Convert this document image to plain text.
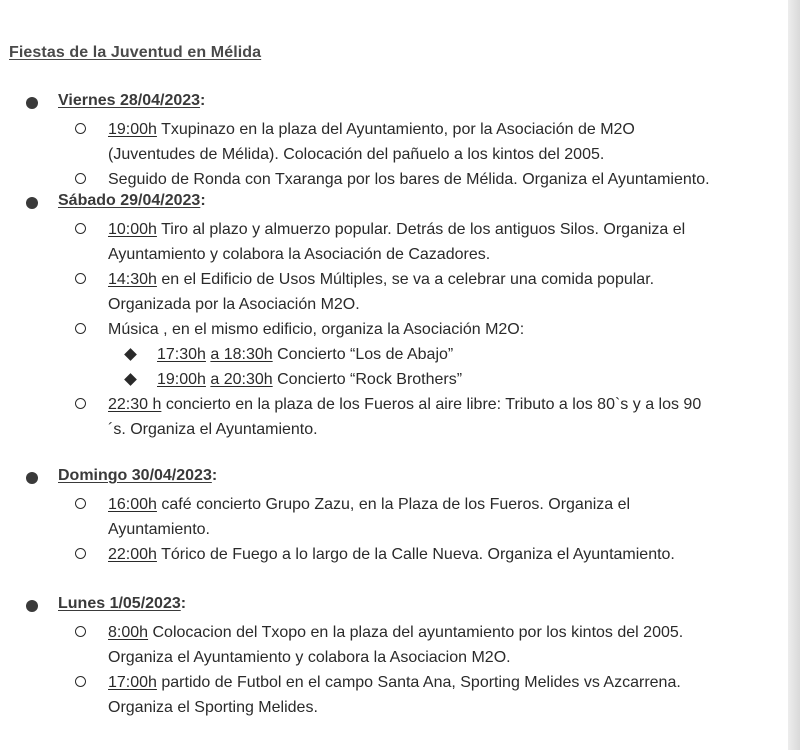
Fiestas de la Juventud en Mélida
Viernes 28/04/2023:
19:00h Txupinazo en la plaza del Ayuntamiento, por la Asociación de M2O
(Juventudes de Mélida). Colocación del pañuelo a los kintos del 2005.
Seguido de Ronda con Txaranga por los bares de Mélida. Organiza el Ayuntamiento.
Sábado 29/04/2023:
10:00h Tiro al plazo y almuerzo popular. Detrás de los antiguos Silos. Organiza el
Ayuntamiento y colabora la Asociación de Cazadores.
14:30h en el Edificio de Usos Múltiples, se va a celebrar una comida popular.
Organizada por la Asociación M2O.
Música , en el mismo edificio, organiza la Asociación M2O:
17:30h a 18:30h Concierto “Los de Abajo”
19:00h a 20:30h Concierto “Rock Brothers”
22:30 h concierto en la plaza de los Fueros al aire libre: Tributo a los 80`s y a los 90
´s. Organiza el Ayuntamiento.
Domingo 30/04/2023:
16:00h café concierto Grupo Zazu, en la Plaza de los Fueros. Organiza el
Ayuntamiento.
22:00h Tórico de Fuego a lo largo de la Calle Nueva. Organiza el Ayuntamiento.
Lunes 1/05/2023:
8:00h Colocacion del Txopo en la plaza del ayuntamiento por los kintos del 2005.
Organiza el Ayuntamiento y colabora la Asociacion M2O.
17:00h partido de Futbol en el campo Santa Ana, Sporting Melides vs Azcarrena.
Organiza el Sporting Melides.
